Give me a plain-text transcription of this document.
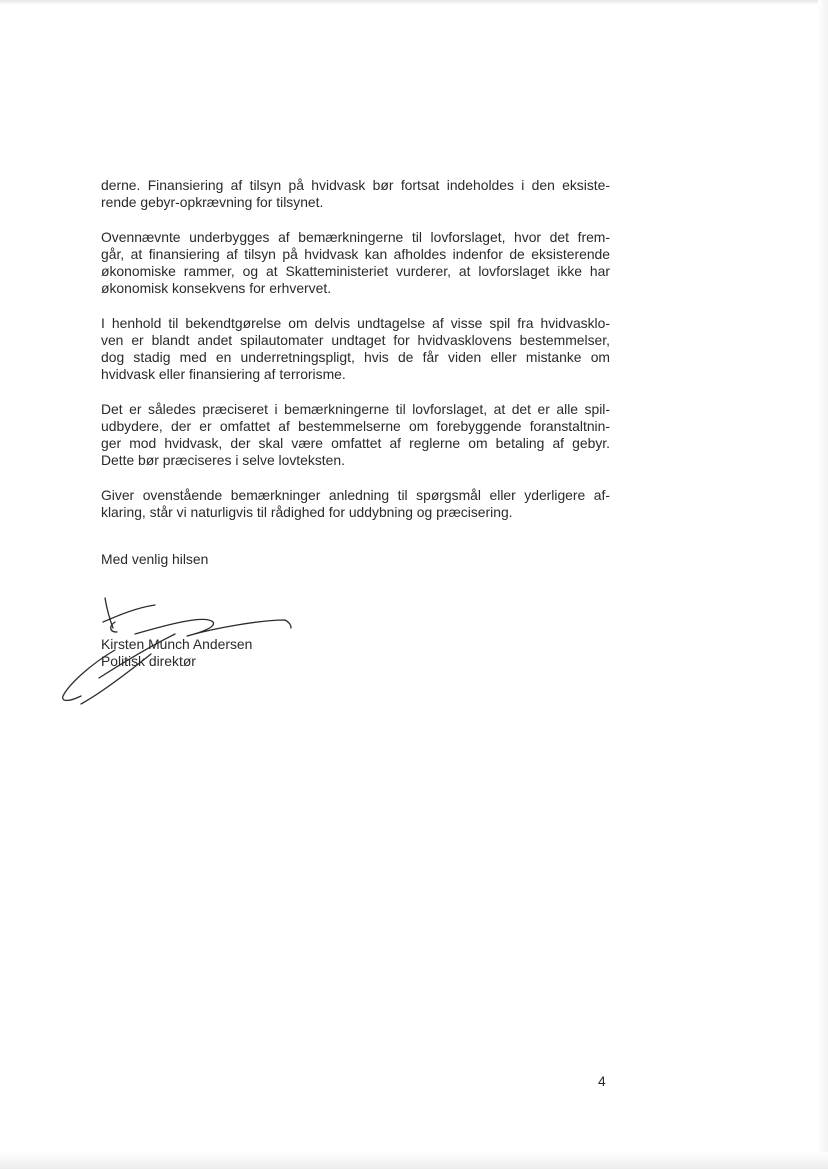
derne. Finansiering af tilsyn på hvidvask bør fortsat indeholdes i den eksiste-
rende gebyr-opkrævning for tilsynet.

Ovennævnte underbygges af bemærkningerne til lovforslaget, hvor det frem-
går, at finansiering af tilsyn på hvidvask kan afholdes indenfor de eksisterende
økonomiske rammer, og at Skatteministeriet vurderer, at lovforslaget ikke har
økonomisk konsekvens for erhvervet.

I henhold til bekendtgørelse om delvis undtagelse af visse spil fra hvidvasklo-
ven er blandt andet spilautomater undtaget for hvidvasklovens bestemmelser,
dog stadig med en underretningspligt, hvis de får viden eller mistanke om
hvidvask eller finansiering af terrorisme.

Det er således præciseret i bemærkningerne til lovforslaget, at det er alle spil-
udbydere, der er omfattet af bestemmelserne om forebyggende foranstaltnin-
ger mod hvidvask, der skal være omfattet af reglerne om betaling af gebyr.
Dette bør præciseres i selve lovteksten.

Giver ovenstående bemærkninger anledning til spørgsmål eller yderligere af-
klaring, står vi naturligvis til rådighed for uddybning og præcisering.

Med venlig hilsen
Kirsten Munch Andersen
Politisk direktør
4
